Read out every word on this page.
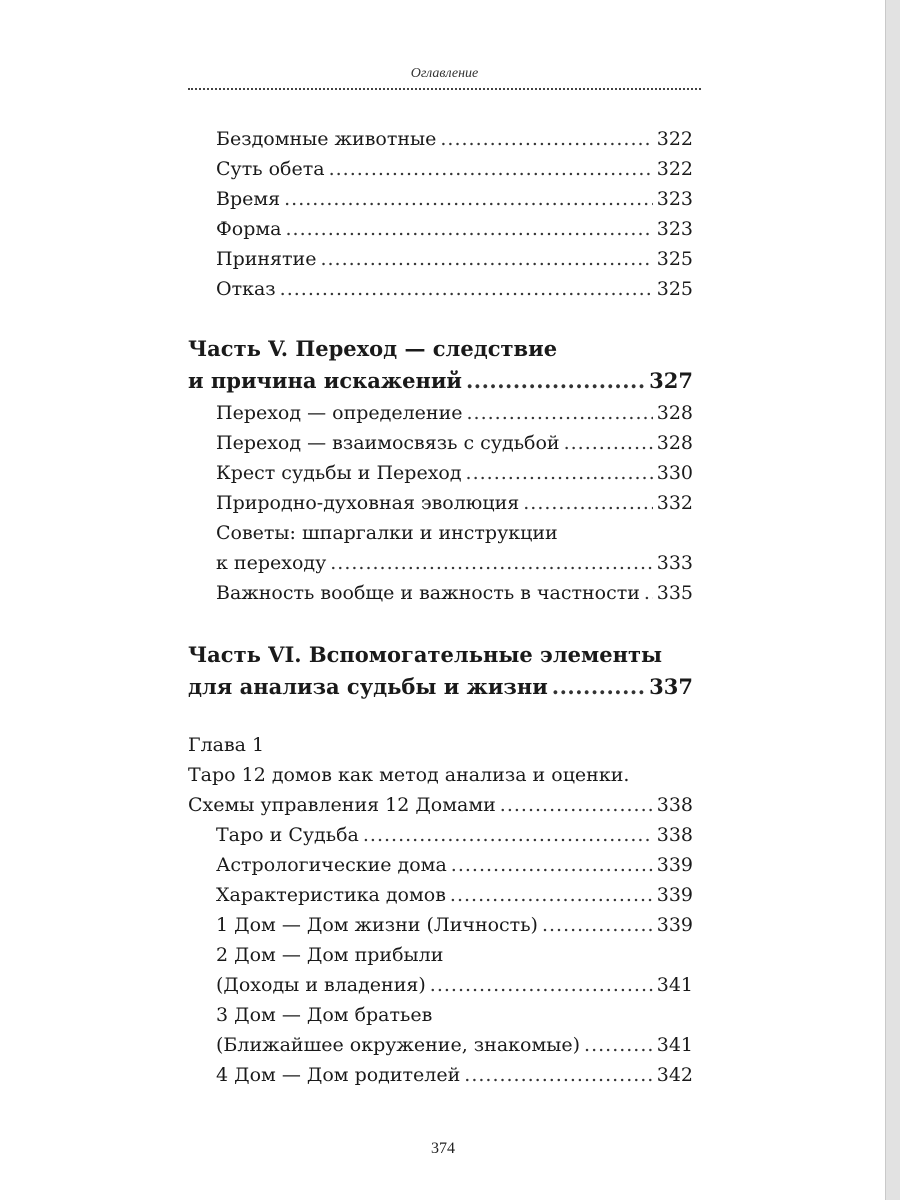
Оглавление
Бездомные животные .....	322
Суть обета .....	322
Время .....	323
Форма .....	323
Принятие .....	325
Отказ .....	325
Часть V. Переход — следствие
и причина искажений .....	327
Переход — определение .....	328
Переход — взаимосвязь с судьбой .....	328
Крест судьбы и Переход .....	330
Природно-духовная эволюция .....	332
Советы: шпаргалки и инструкции
к переходу .....	333
Важность вообще и важность в частности ..... 335
Часть VI. Вспомогательные элементы
для анализа судьбы и жизни .....	337
Глава 1
Таро 12 домов как метод анализа и оценки.
Схемы управления 12 Домами .....	338
Таро и Судьба .....	338
Астрологические дома .....	339
Характеристика домов .....	339
1 Дом — Дом жизни (Личность) .....	339
2 Дом — Дом прибыли
(Доходы и владения) .....	341
3 Дом — Дом братьев
(Ближайшее окружение, знакомые) .....	341
4 Дом — Дом родителей .....	342
374
